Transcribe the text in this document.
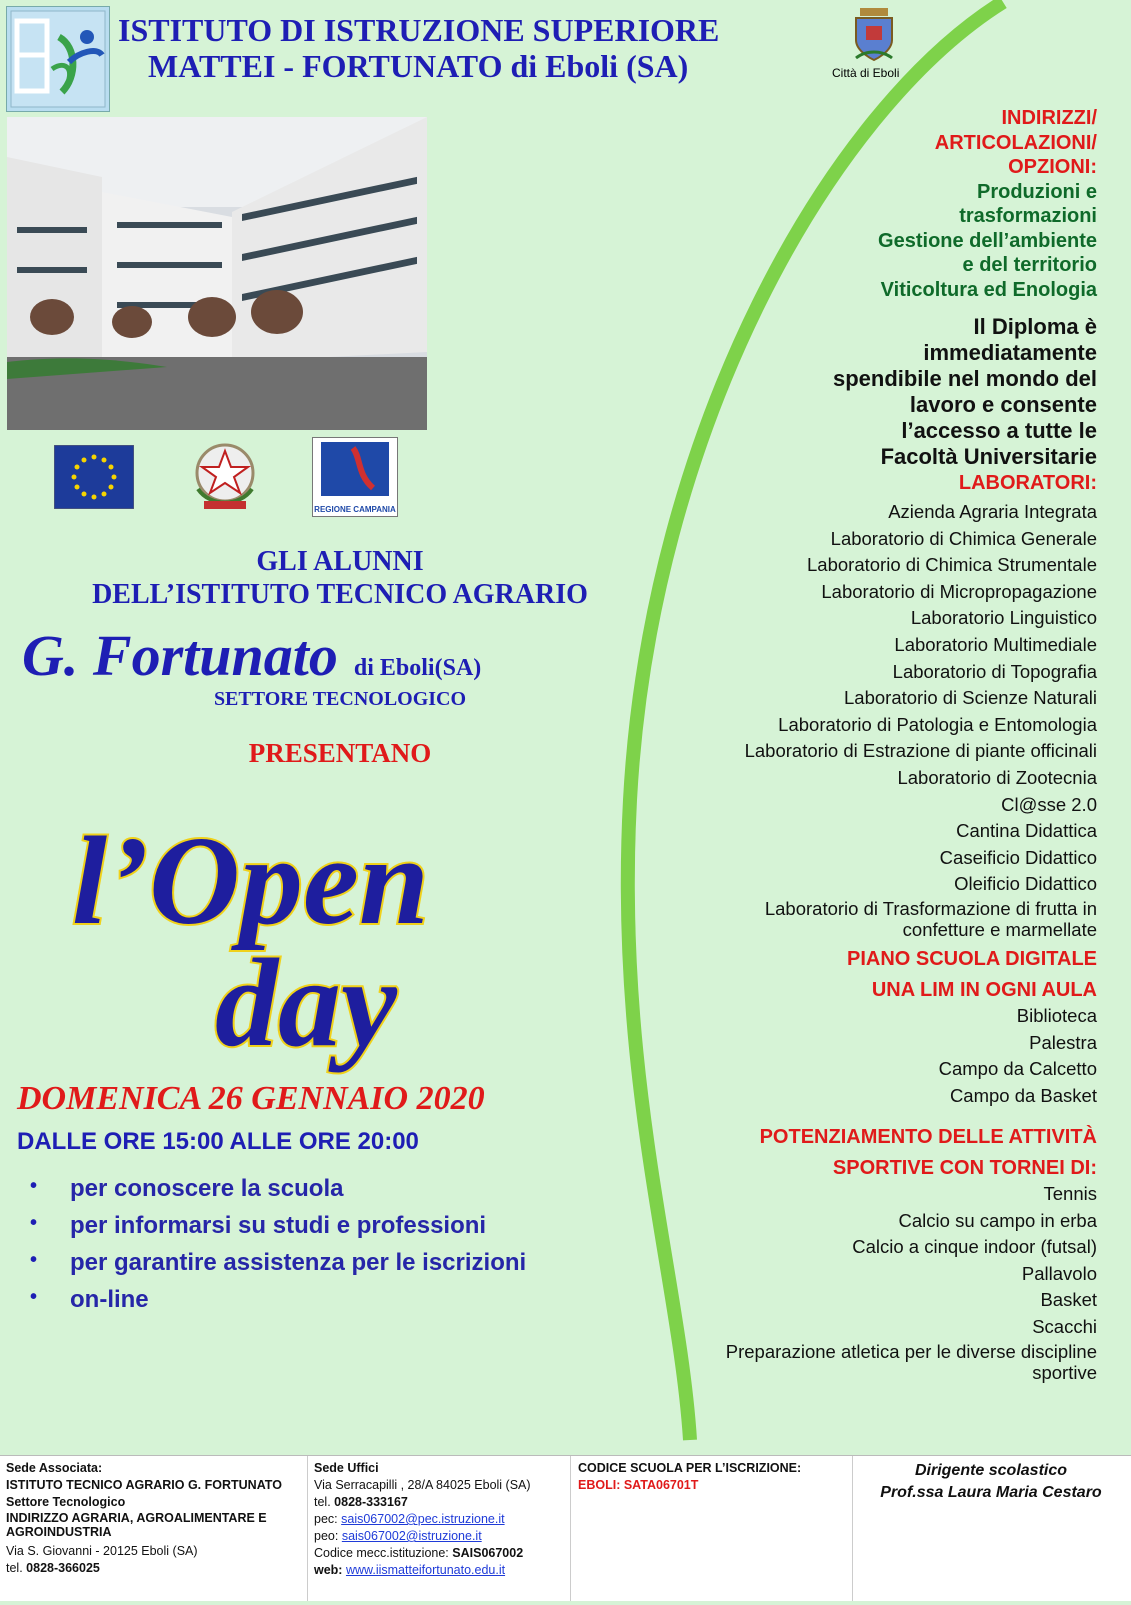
ISTITUTO DI ISTRUZIONE SUPERIORE
MATTEI - FORTUNATO di Eboli (SA)	Città di Eboli
REGIONE CAMPANIA
GLI ALUNNI
DELL’ISTITUTO TECNICO AGRARIO
G. Fortunato di Eboli(SA)
SETTORE TECNOLOGICO
PRESENTANO
l’Open
day
DOMENICA 26 GENNAIO 2020
DALLE ORE 15:00 ALLE ORE 20:00
• per conoscere la scuola
• per informarsi su studi e professioni
• per garantire assistenza per le iscrizioni
• on-line
INDIRIZZI/
ARTICOLAZIONI/
OPZIONI:
Produzioni e
trasformazioni
Gestione dell’ambiente
e del territorio
Viticoltura ed Enologia
Il Diploma è
immediatamente
spendibile nel mondo del
lavoro e consente
l’accesso a tutte le
Facoltà Universitarie
LABORATORI:
Azienda Agraria Integrata
Laboratorio di Chimica Generale
Laboratorio di Chimica Strumentale
Laboratorio di Micropropagazione
Laboratorio Linguistico
Laboratorio Multimediale
Laboratorio di Topografia
Laboratorio di Scienze Naturali
Laboratorio di Patologia e Entomologia
Laboratorio di Estrazione di piante officinali
Laboratorio di Zootecnia
Cl@sse 2.0
Cantina Didattica
Caseificio Didattico
Oleificio Didattico
Laboratorio di Trasformazione di frutta in
confetture e marmellate
PIANO SCUOLA DIGITALE
UNA LIM IN OGNI AULA
Biblioteca
Palestra
Campo da Calcetto
Campo da Basket
POTENZIAMENTO DELLE ATTIVITÀ
SPORTIVE CON TORNEI DI:
Tennis
Calcio su campo in erba
Calcio a cinque indoor (futsal)
Pallavolo
Basket
Scacchi
Preparazione atletica per le diverse discipline
sportive
Sede Associata:
ISTITUTO TECNICO AGRARIO G. FORTUNATO
Settore Tecnologico
INDIRIZZO AGRARIA, AGROALIMENTARE E
AGROINDUSTRIA
Via S. Giovanni - 20125 Eboli (SA)
tel. 0828-366025
Sede Uffici
Via Serracapilli , 28/A 84025 Eboli (SA)
tel. 0828-333167
pec: sais067002@pec.istruzione.it
peo: sais067002@istruzione.it
Codice mecc.istituzione: SAIS067002
web: www.iismatteifortunato.edu.it
CODICE SCUOLA PER L’ISCRIZIONE:
EBOLI: SATA06701T
Dirigente scolastico
Prof.ssa Laura Maria Cestaro
